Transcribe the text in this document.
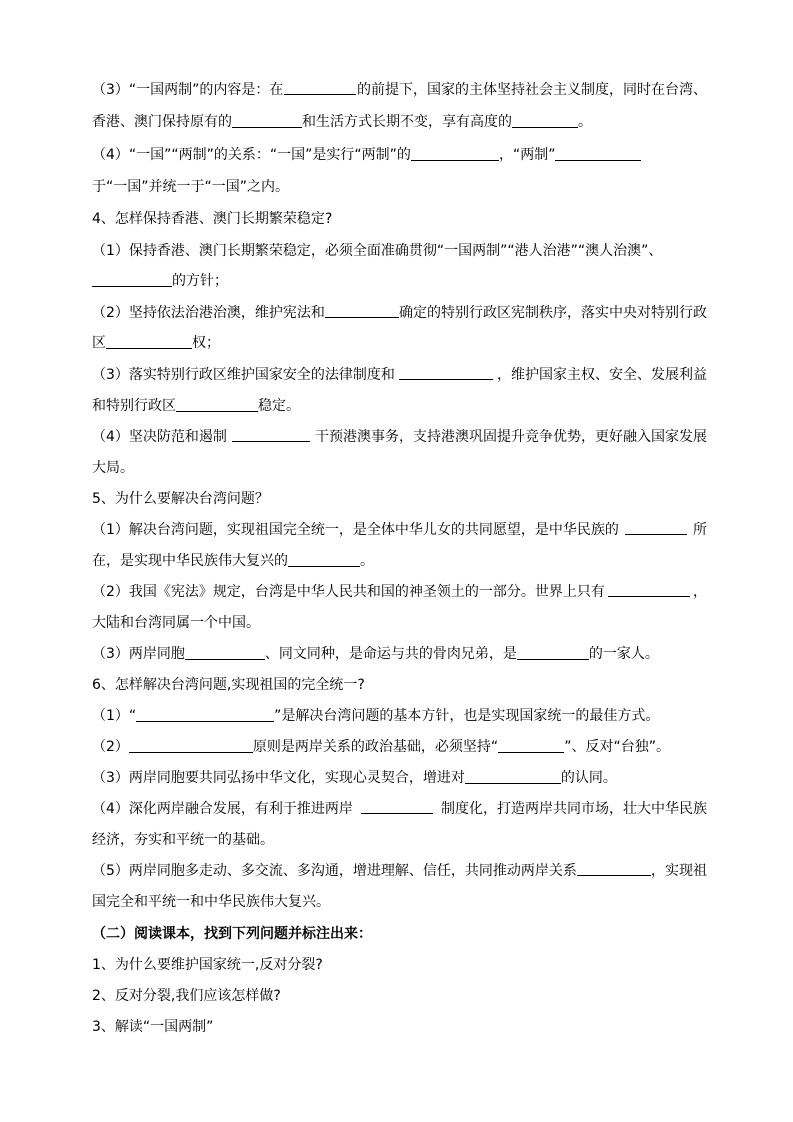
（3）“一国两制”的内容是：在	的前提下，国家的主体坚持社会主义制度，同时在台湾、
香港、澳门保持原有的	和生活方式长期不变，享有高度的	。
（4）“一国”“两制”的关系：“一国”是实行“两制”的	，“两制”
于“一国”并统一于“一国”之内。
4、怎样保持香港、澳门长期繁荣稳定?
（1）保持香港、澳门长期繁荣稳定，必须全面准确贯彻“一国两制”“港人治港”“澳人治澳”、
的方针；
（2）坚持依法治港治澳，维护宪法和	确定的特别行政区宪制秩序，落实中央对特别行政
区	权；
（3）落实特别行政区维护国家安全的法律制度和	，维护国家主权、安全、发展利益
和特别行政区	稳定。
（4）坚决防范和遏制	干预港澳事务，支持港澳巩固提升竞争优势，更好融入国家发展
大局。
5、为什么要解决台湾问题？
（1）解决台湾问题，实现祖国完全统一，是全体中华儿女的共同愿望，是中华民族的	所
在，是实现中华民族伟大复兴的	。
（2）我国《宪法》规定，台湾是中华人民共和国的神圣领土的一部分。世界上只有	，
大陆和台湾同属一个中国。
（3）两岸同胞	、同文同种，是命运与共的骨肉兄弟，是	的一家人。
6、怎样解决台湾问题,实现祖国的完全统一?
（1）“	”是解决台湾问题的基本方针，也是实现国家统一的最佳方式。
（2）	原则是两岸关系的政治基础，必须坚持“	”、反对“台独”。
（3）两岸同胞要共同弘扬中华文化，实现心灵契合，增进对	的认同。
（4）深化两岸融合发展，有利于推进两岸	制度化，打造两岸共同市场，壮大中华民族
经济，夯实和平统一的基础。
（5）两岸同胞多走动、多交流、多沟通，增进理解、信任，共同推动两岸关系	，实现祖
国完全和平统一和中华民族伟大复兴。
（二）阅读课本，找到下列问题并标注出来：
1、为什么要维护国家统一,反对分裂?
2、反对分裂,我们应该怎样做?
3、解读“一国两制”
